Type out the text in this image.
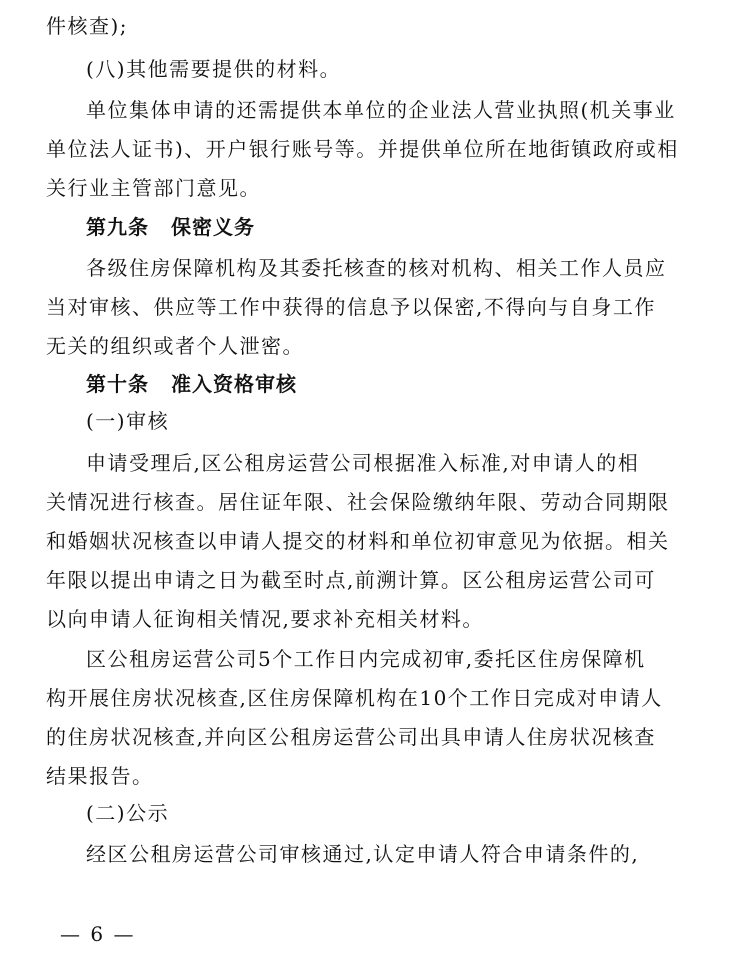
件核查);
(八)其他需要提供的材料。
单位集体申请的还需提供本单位的企业法人营业执照(机关事业
单位法人证书)、开户银行账号等。并提供单位所在地街镇政府或相
关行业主管部门意见。
第九条 保密义务
各级住房保障机构及其委托核查的核对机构、相关工作人员应
当对审核、供应等工作中获得的信息予以保密,不得向与自身工作
无关的组织或者个人泄密。
第十条 准入资格审核
(一)审核
申请受理后,区公租房运营公司根据准入标准,对申请人的相
关情况进行核查。居住证年限、社会保险缴纳年限、劳动合同期限
和婚姻状况核查以申请人提交的材料和单位初审意见为依据。相关
年限以提出申请之日为截至时点,前溯计算。区公租房运营公司可
以向申请人征询相关情况,要求补充相关材料。
区公租房运营公司5个工作日内完成初审,委托区住房保障机
构开展住房状况核查,区住房保障机构在10个工作日完成对申请人
的住房状况核查,并向区公租房运营公司出具申请人住房状况核查
结果报告。
(二)公示
经区公租房运营公司审核通过,认定申请人符合申请条件的,
— 6 —
